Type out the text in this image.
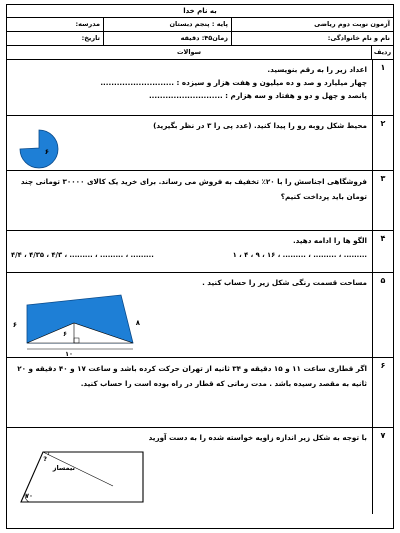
به نام خدا
آزمون نوبت دوم ریاضی
پایه : پنجم دبستان
مدرسه:
نام و نام خانوادگی:
زمان۴۵: دقیقه
تاریخ:
ردیف
سوالات
۱

اعداد زیر را به رقم بنویسید.

چهار میلیارد و صد و ده میلیون و هفت هزار و سیزده : ...........................

پانصد و چهل و دو و هفتاد و سه هزارم : ...........................

۲

محیط شکل روبه رو را پیدا کنید. (عدد پی را ۳ در نظر بگیرید)

۶
۳

فروشگاهی اجناسش را با ۲۰٪ تخفیف به فروش می رساند. برای خرید یک کالای ۳۰۰۰۰ تومانی چند تومان باید پرداخت کنیم؟

۴

الگو ها را ادامه دهید.

۴/۴ ، ۴/۳۵ ، ۴/۳ ، ......... ، ......... ، .........	۱ ، ۴ ، ۹ ، ۱۶ ، ......... ، ......... ، .........
۵

مساحت قسمت رنگی شکل زیر را حساب کنید .

۶	۸
۶
۱۰
۶

اگر قطاری ساعت ۱۱ و ۱۵ دقیقه و ۳۴ ثانیه از تهران حرکت کرده باشد و ساعت ۱۷ و ۴۰ دقیقه و ۲۰ ثانیه به مقصد رسیده باشد . مدت زمانی که قطار در راه بوده است را حساب کنید.

۷

با توجه به شکل زیر اندازه زاویه خواسته شده را به دست آورید

نیمساز
۷۰
?
